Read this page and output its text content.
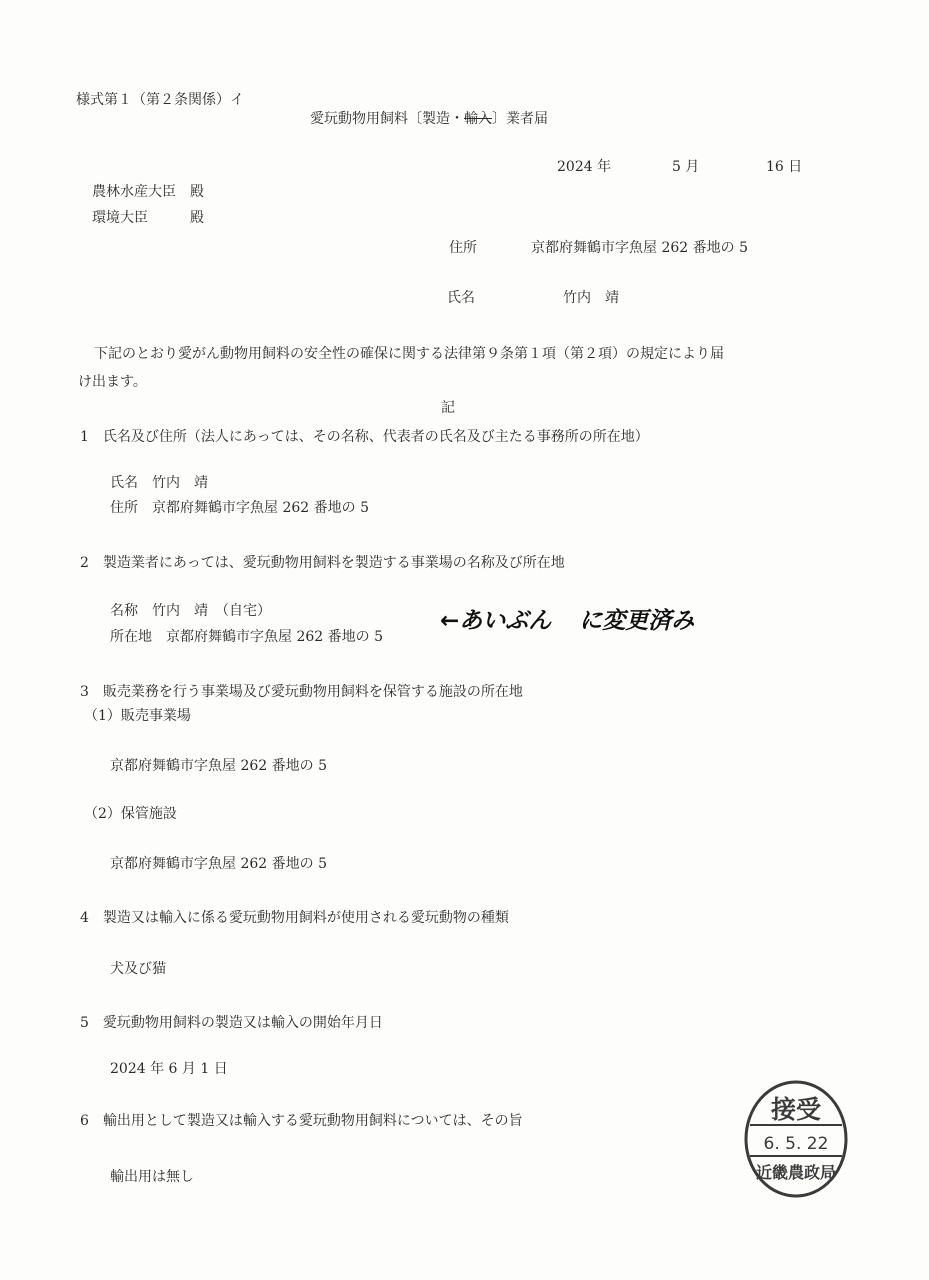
様式第１（第２条関係）イ
愛玩動物用飼料〔製造・輸入〕業者届
2024 年	5 月	16 日
農林水産大臣　殿
環境大臣　　　殿
住所	京都府舞鶴市字魚屋 262 番地の 5
氏名	竹内　靖
下記のとおり愛がん動物用飼料の安全性の確保に関する法律第９条第１項（第２項）の規定により届
け出ます。
記
1　氏名及び住所（法人にあっては、その名称、代表者の氏名及び主たる事務所の所在地）
氏名　竹内　靖
住所　京都府舞鶴市字魚屋 262 番地の 5
2　製造業者にあっては、愛玩動物用飼料を製造する事業場の名称及び所在地
名称　竹内　靖　（自宅）
所在地　京都府舞鶴市字魚屋 262 番地の 5
←あいぶん に変更済み
3　販売業務を行う事業場及び愛玩動物用飼料を保管する施設の所在地
（1）販売事業場
京都府舞鶴市字魚屋 262 番地の 5
（2）保管施設
京都府舞鶴市字魚屋 262 番地の 5
4　製造又は輸入に係る愛玩動物用飼料が使用される愛玩動物の種類
犬及び猫
5　愛玩動物用飼料の製造又は輸入の開始年月日
2024 年 6 月 1 日
6　輸出用として製造又は輸入する愛玩動物用飼料については、その旨
輸出用は無し
接受
6. 5. 22
近畿農政局
